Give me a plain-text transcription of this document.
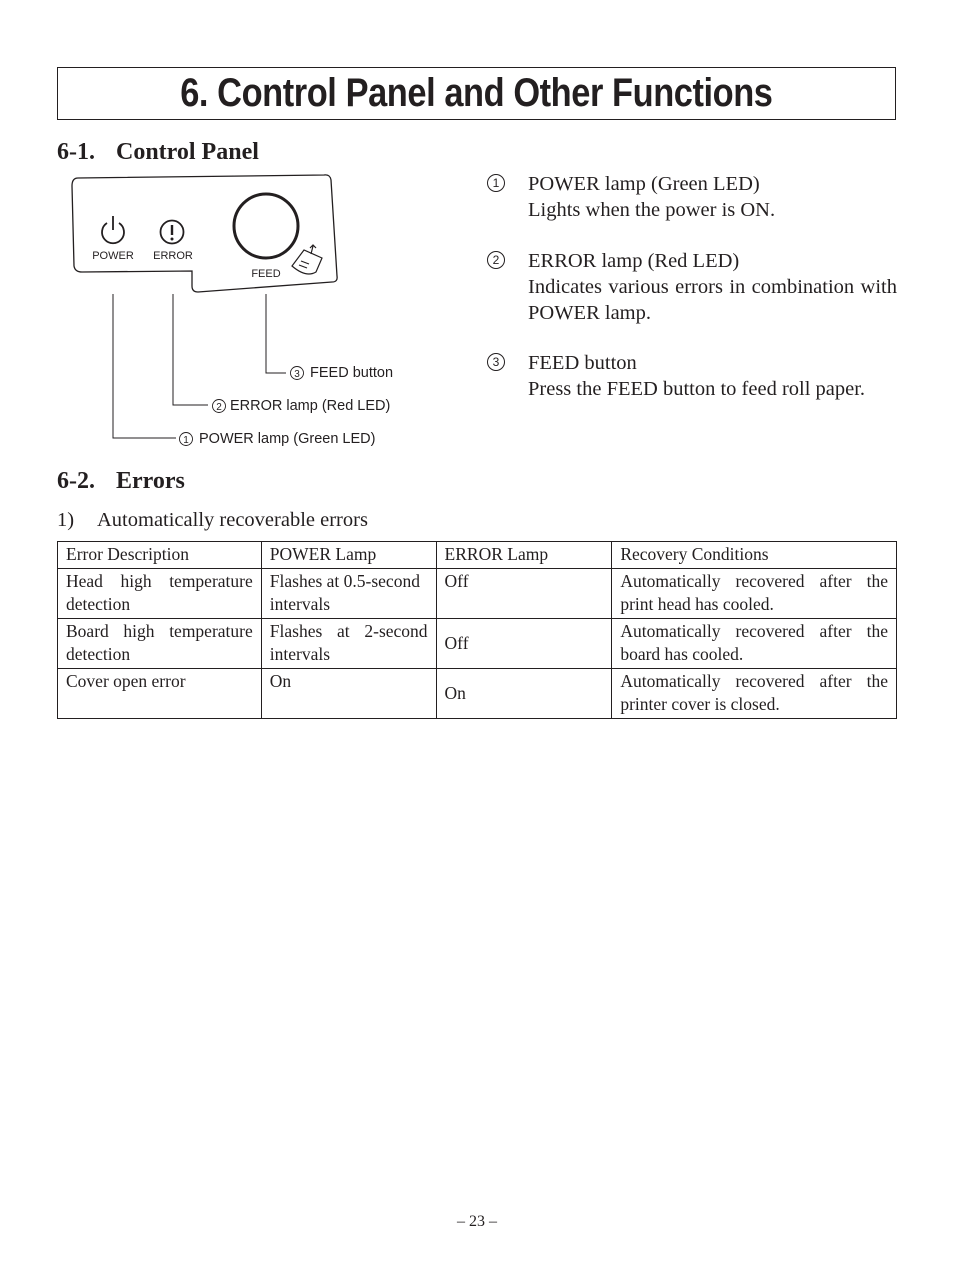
6. Control Panel and Other Functions
6-1. Control Panel
POWER ERROR
FEED
3 FEED button
2 ERROR lamp (Red LED)
1 POWER lamp (Green LED)
1 POWER lamp (Green LED)
Lights when the power is ON.
2 ERROR lamp (Red LED)
Indicates various errors in combination with POWER lamp.
3 FEED button
Press the FEED button to feed roll paper.
6-2. Errors
1) Automatically recoverable errors
Error Description	POWER Lamp	ERROR Lamp	Recovery Conditions
Head high temperature detection	Flashes at 0.5-second intervals	Off	Automatically recovered after the print head has cooled.
Board high temperature detection	Flashes at 2-second intervals	Off	Automatically recovered after the board has cooled.
Cover open error	On	On	Automatically recovered after the printer cover is closed.
– 23 –
